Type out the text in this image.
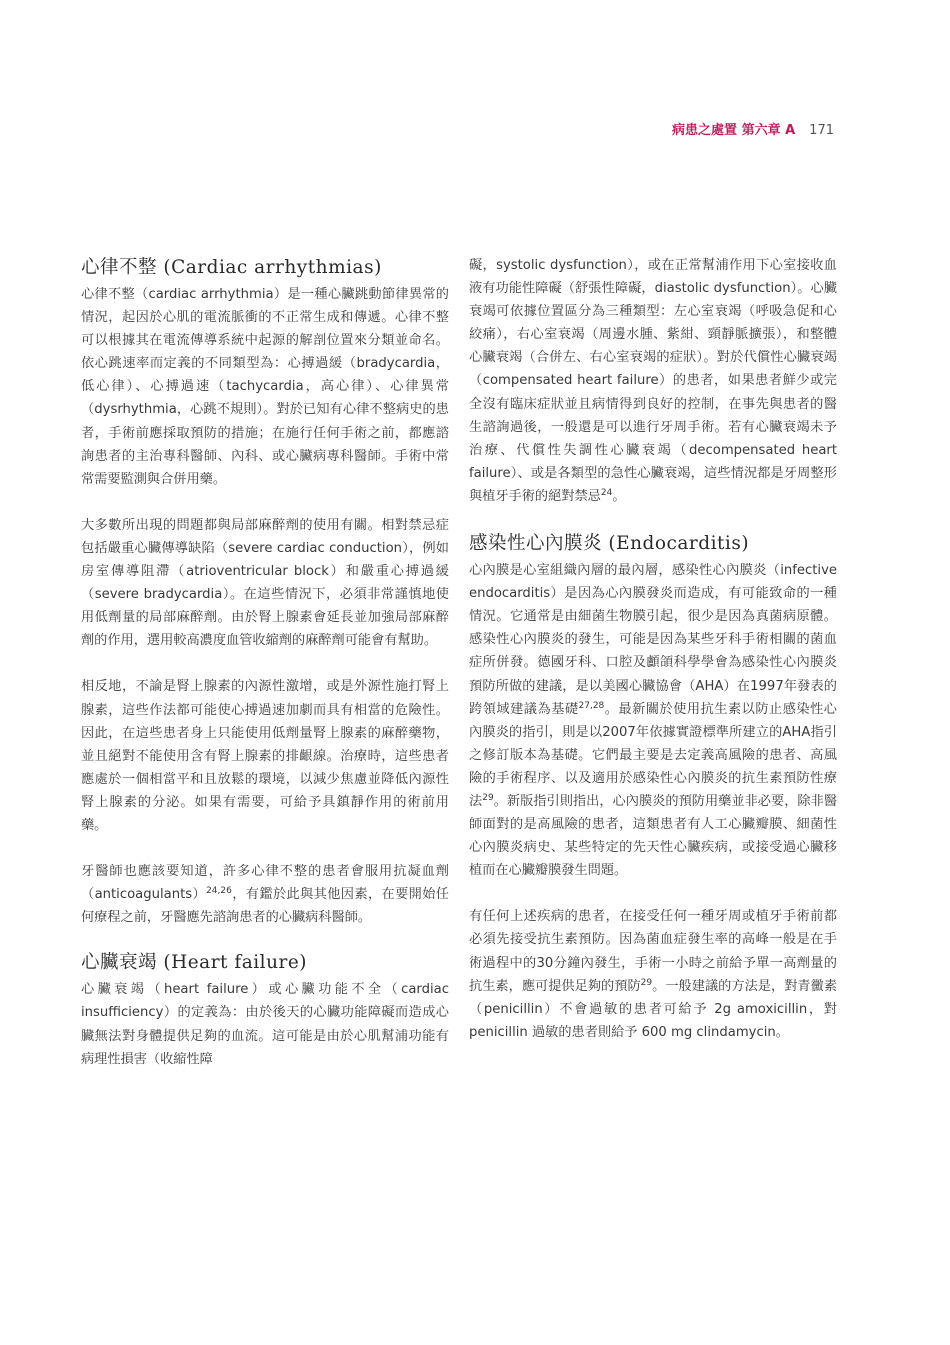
病患之處置 第六章 A 171
心律不整 (Cardiac arrhythmias)

心律不整（cardiac arrhythmia）是一種心臟跳動節律異常的情況，起因於心肌的電流脈衝的不正常生成和傳遞。心律不整可以根據其在電流傳導系統中起源的解剖位置來分類並命名。依心跳速率而定義的不同類型為：心搏過緩（bradycardia，低心律）、心搏過速（tachycardia，高心律）、心律異常（dysrhythmia，心跳不規則）。對於已知有心律不整病史的患者，手術前應採取預防的措施；在施行任何手術之前，都應諮詢患者的主治專科醫師、內科、或心臟病專科醫師。手術中常常需要監測與合併用藥。

大多數所出現的問題都與局部麻醉劑的使用有關。相對禁忌症包括嚴重心臟傳導缺陷（severe cardiac conduction），例如房室傳導阻滯（atrioventricular block）和嚴重心搏過緩（severe bradycardia）。在這些情況下，必須非常謹慎地使用低劑量的局部麻醉劑。由於腎上腺素會延長並加強局部麻醉劑的作用，選用較高濃度血管收縮劑的麻醉劑可能會有幫助。

相反地，不論是腎上腺素的內源性激增，或是外源性施打腎上腺素，這些作法都可能使心搏過速加劇而具有相當的危險性。因此，在這些患者身上只能使用低劑量腎上腺素的麻醉藥物，並且絕對不能使用含有腎上腺素的排齦線。治療時，這些患者應處於一個相當平和且放鬆的環境，以減少焦慮並降低內源性腎上腺素的分泌。如果有需要，可給予具鎮靜作用的術前用藥。

牙醫師也應該要知道，許多心律不整的患者會服用抗凝血劑（anticoagulants）$^{24,26}$，有鑑於此與其他因素，在要開始任何療程之前，牙醫應先諮詢患者的心臟病科醫師。

心臟衰竭 (Heart failure)

心臟衰竭（heart failure）或心臟功能不全（cardiac insufficiency）的定義為：由於後天的心臟功能障礙而造成心臟無法對身體提供足夠的血流。這可能是由於心肌幫浦功能有病理性損害（收縮性障

礙，systolic dysfunction），或在正常幫浦作用下心室接收血液有功能性障礙（舒張性障礙，diastolic dysfunction）。心臟衰竭可依據位置區分為三種類型：左心室衰竭（呼吸急促和心絞痛），右心室衰竭（周邊水腫、紫紺、頸靜脈擴張），和整體心臟衰竭（合併左、右心室衰竭的症狀）。對於代償性心臟衰竭（compensated heart failure）的患者，如果患者鮮少或完全沒有臨床症狀並且病情得到良好的控制，在事先與患者的醫生諮詢過後，一般還是可以進行牙周手術。若有心臟衰竭未予治療、代償性失調性心臟衰竭（decompensated heart failure）、或是各類型的急性心臟衰竭，這些情況都是牙周整形與植牙手術的絕對禁忌$^{24}$。

感染性心內膜炎 (Endocarditis)

心內膜是心室組織內層的最內層，感染性心內膜炎（infective endocarditis）是因為心內膜發炎而造成，有可能致命的一種情況。它通常是由細菌生物膜引起，很少是因為真菌病原體。感染性心內膜炎的發生，可能是因為某些牙科手術相關的菌血症所併發。德國牙科、口腔及顱頜科學學會為感染性心內膜炎預防所做的建議，是以美國心臟協會（AHA）在1997年發表的跨領域建議為基礎$^{27,28}$。最新關於使用抗生素以防止感染性心內膜炎的指引，則是以2007年依據實證標準所建立的AHA指引之修訂版本為基礎。它們最主要是去定義高風險的患者、高風險的手術程序、以及適用於感染性心內膜炎的抗生素預防性療法$^{29}$。新版指引則指出，心內膜炎的預防用藥並非必要，除非醫師面對的是高風險的患者，這類患者有人工心臟瓣膜、細菌性心內膜炎病史、某些特定的先天性心臟疾病，或接受過心臟移植而在心臟瓣膜發生問題。

有任何上述疾病的患者，在接受任何一種牙周或植牙手術前都必須先接受抗生素預防。因為菌血症發生率的高峰一般是在手術過程中的30分鐘內發生，手術一小時之前給予單一高劑量的抗生素，應可提供足夠的預防$^{29}$。一般建議的方法是，對青黴素（penicillin）不會過敏的患者可給予 2g amoxicillin，對 penicillin 過敏的患者則給予 600 mg clindamycin。
